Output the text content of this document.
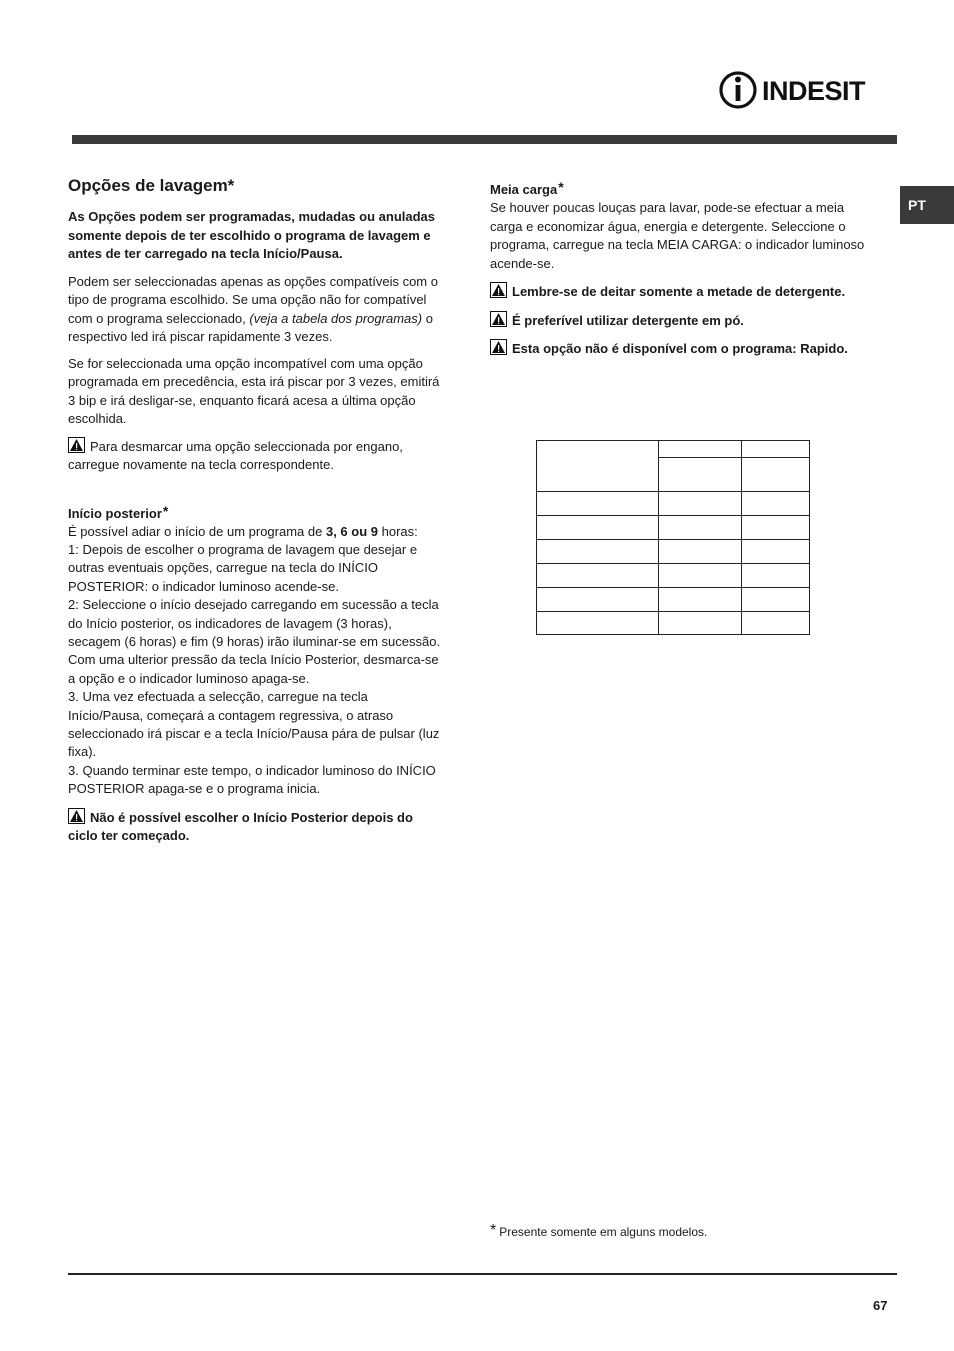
INDESIT
PT
Opções de lavagem*

As Opções podem ser programadas, mudadas ou anuladas somente depois de ter escolhido o programa de lavagem e antes de ter carregado na tecla Início/Pausa.

Podem ser seleccionadas apenas as opções compatíveis com o tipo de programa escolhido. Se uma opção não for compatível com o programa seleccionado, (veja a tabela dos programas) o respectivo led irá piscar rapidamente 3 vezes.

Se for seleccionada uma opção incompatível com uma opção programada em precedência, esta irá piscar por 3 vezes, emitirá 3 bip e irá desligar-se, enquanto ficará acesa a última opção escolhida.

Para desmarcar uma opção seleccionada por engano, carregue novamente na tecla correspondente.

Início posterior*

É possível adiar o início de um programa de 3, 6 ou 9 horas:

1: Depois de escolher o programa de lavagem que desejar e outras eventuais opções, carregue na tecla do INÍCIO POSTERIOR: o indicador luminoso acende-se.

2: Seleccione o início desejado carregando em sucessão a tecla do Início posterior, os indicadores de lavagem (3 horas), secagem (6 horas) e fim (9 horas) irão iluminar-se em sucessão.

Com uma ulterior pressão da tecla Início Posterior, desmarca-se a opção e o indicador luminoso apaga-se.

3. Uma vez efectuada a selecção, carregue na tecla Início/Pausa, começará a contagem regressiva, o atraso seleccionado irá piscar e a tecla Início/Pausa pára de pulsar (luz fixa).

3. Quando terminar este tempo, o indicador luminoso do INÍCIO POSTERIOR apaga-se e o programa inicia.

Não é possível escolher o Início Posterior depois do ciclo ter começado.

Meia carga*

Se houver poucas louças para lavar, pode-se efectuar a meia carga e economizar água, energia e detergente. Seleccione o programa, carregue na tecla MEIA CARGA: o indicador luminoso acende-se.

Lembre-se de deitar somente a metade de detergente.

É preferível utilizar detergente em pó.

Esta opção não é disponível com o programa: Rapido.

* Presente somente em alguns modelos.
67
